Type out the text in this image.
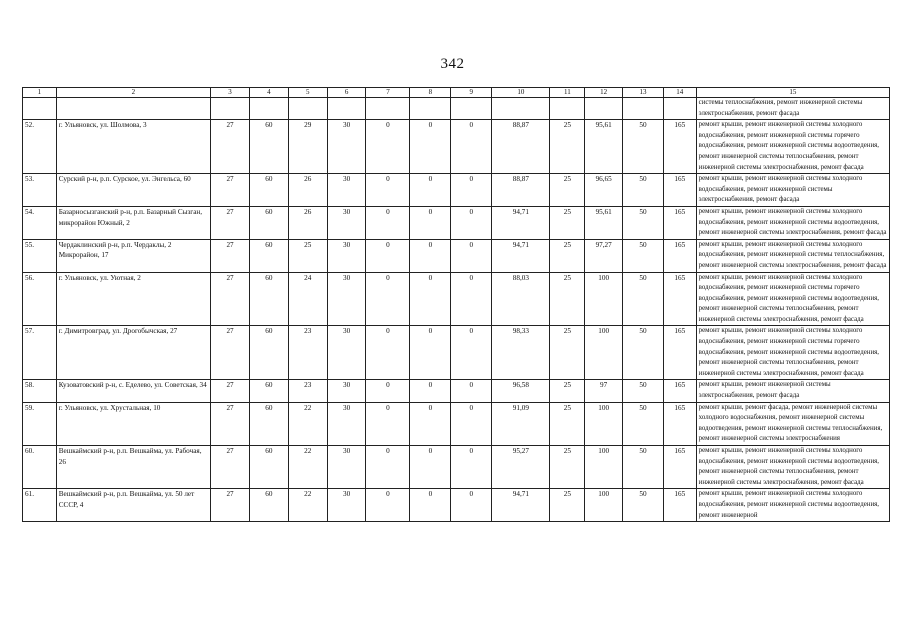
342
1	2	3	4	5	6	7	8	9	10	11	12	13	14	15
														системы теплоснабжения, ремонт инженерной системы электроснабжения, ремонт фасада
52.	г. Ульяновск, ул. Шолмова, 3	27	60	29	30	0	0	0	88,87	25	95,61	50	165	ремонт крыши, ремонт инженерной системы холодного водоснабжения, ремонт инженерной системы горячего водоснабжения, ремонт инженерной системы водоотведения, ремонт инженерной системы теплоснабжения, ремонт инженерной системы электроснабжения, ремонт фасада
53.	Сурский р-н, р.п. Сурское, ул. Энгельса, 60	27	60	26	30	0	0	0	88,87	25	96,65	50	165	ремонт крыши, ремонт инженерной системы холодного водоснабжения, ремонт инженерной системы электроснабжения, ремонт фасада
54.	Базарносызганский р-н, р.п. Базарный Сызган, микрорайон Южный, 2	27	60	26	30	0	0	0	94,71	25	95,61	50	165	ремонт крыши, ремонт инженерной системы холодного водоснабжения, ремонт инженерной системы водоотведения, ремонт инженерной системы электроснабжения, ремонт фасада
55.	Чердаклинский р-н, р.п. Чердаклы, 2 Микрорайон, 17	27	60	25	30	0	0	0	94,71	25	97,27	50	165	ремонт крыши, ремонт инженерной системы холодного водоснабжения, ремонт инженерной системы теплоснабжения, ремонт инженерной системы электроснабжения, ремонт фасада
56.	г. Ульяновск, ул. Уютная, 2	27	60	24	30	0	0	0	88,03	25	100	50	165	ремонт крыши, ремонт инженерной системы холодного водоснабжения, ремонт инженерной системы горячего водоснабжения, ремонт инженерной системы водоотведения, ремонт инженерной системы теплоснабжения, ремонт инженерной системы электроснабжения, ремонт фасада
57.	г. Димитровград, ул. Дрогобычская, 27	27	60	23	30	0	0	0	98,33	25	100	50	165	ремонт крыши, ремонт инженерной системы холодного водоснабжения, ремонт инженерной системы горячего водоснабжения, ремонт инженерной системы водоотведения, ремонт инженерной системы теплоснабжения, ремонт инженерной системы электроснабжения, ремонт фасада
58.	Кузоватовский р-н, с. Еделево, ул. Советская, 34	27	60	23	30	0	0	0	96,58	25	97	50	165	ремонт крыши, ремонт инженерной системы электроснабжения, ремонт фасада
59.	г. Ульяновск, ул. Хрустальная, 10	27	60	22	30	0	0	0	91,09	25	100	50	165	ремонт крыши, ремонт фасада, ремонт инженерной системы холодного водоснабжения, ремонт инженерной системы водоотведения, ремонт инженерной системы теплоснабжения, ремонт инженерной системы электроснабжения
60.	Вешкаймский р-н, р.п. Вешкайма, ул. Рабочая, 26	27	60	22	30	0	0	0	95,27	25	100	50	165	ремонт крыши, ремонт инженерной системы холодного водоснабжения, ремонт инженерной системы водоотведения, ремонт инженерной системы теплоснабжения, ремонт инженерной системы электроснабжения, ремонт фасада
61.	Вешкаймский р-н, р.п. Вешкайма, ул. 50 лет СССР, 4	27	60	22	30	0	0	0	94,71	25	100	50	165	ремонт крыши, ремонт инженерной системы холодного водоснабжения, ремонт инженерной системы водоотведения, ремонт инженерной
